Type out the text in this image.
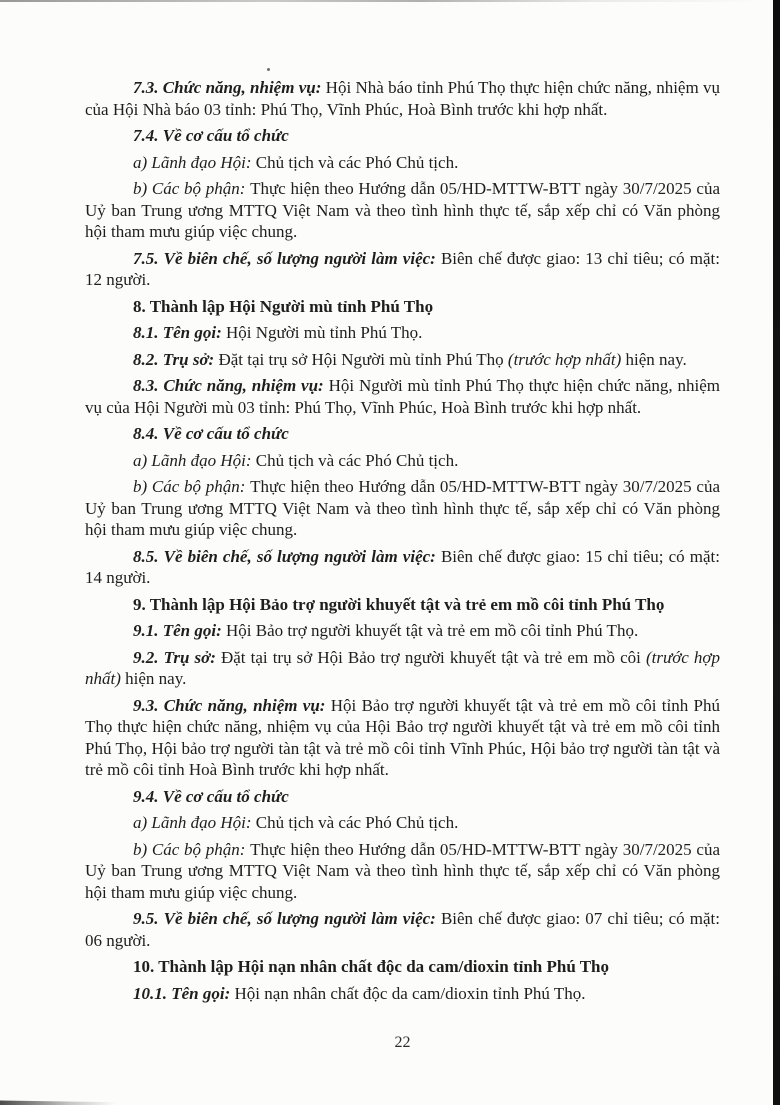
7.3. Chức năng, nhiệm vụ: Hội Nhà báo tỉnh Phú Thọ thực hiện chức năng, nhiệm vụ của Hội Nhà báo 03 tỉnh: Phú Thọ, Vĩnh Phúc, Hoà Bình trước khi hợp nhất.

7.4. Về cơ cấu tổ chức

a) Lãnh đạo Hội: Chủ tịch và các Phó Chủ tịch.

b) Các bộ phận: Thực hiện theo Hướng dẫn 05/HD-MTTW-BTT ngày 30/7/2025 của Uỷ ban Trung ương MTTQ Việt Nam và theo tình hình thực tế, sắp xếp chỉ có Văn phòng hội tham mưu giúp việc chung.

7.5. Về biên chế, số lượng người làm việc: Biên chế được giao: 13 chỉ tiêu; có mặt: 12 người.

8. Thành lập Hội Người mù tỉnh Phú Thọ

8.1. Tên gọi: Hội Người mù tỉnh Phú Thọ.

8.2. Trụ sở: Đặt tại trụ sở Hội Người mù tỉnh Phú Thọ (trước hợp nhất) hiện nay.

8.3. Chức năng, nhiệm vụ: Hội Người mù tỉnh Phú Thọ thực hiện chức năng, nhiệm vụ của Hội Người mù 03 tỉnh: Phú Thọ, Vĩnh Phúc, Hoà Bình trước khi hợp nhất.

8.4. Về cơ cấu tổ chức

a) Lãnh đạo Hội: Chủ tịch và các Phó Chủ tịch.

b) Các bộ phận: Thực hiện theo Hướng dẫn 05/HD-MTTW-BTT ngày 30/7/2025 của Uỷ ban Trung ương MTTQ Việt Nam và theo tình hình thực tế, sắp xếp chỉ có Văn phòng hội tham mưu giúp việc chung.

8.5. Về biên chế, số lượng người làm việc: Biên chế được giao: 15 chỉ tiêu; có mặt: 14 người.

9. Thành lập Hội Bảo trợ người khuyết tật và trẻ em mồ côi tỉnh Phú Thọ

9.1. Tên gọi: Hội Bảo trợ người khuyết tật và trẻ em mồ côi tỉnh Phú Thọ.

9.2. Trụ sở: Đặt tại trụ sở Hội Bảo trợ người khuyết tật và trẻ em mồ côi (trước hợp nhất) hiện nay.

9.3. Chức năng, nhiệm vụ: Hội Bảo trợ người khuyết tật và trẻ em mồ côi tỉnh Phú Thọ thực hiện chức năng, nhiệm vụ của Hội Bảo trợ người khuyết tật và trẻ em mồ côi tỉnh Phú Thọ, Hội bảo trợ người tàn tật và trẻ mồ côi tỉnh Vĩnh Phúc, Hội bảo trợ người tàn tật và trẻ mồ côi tỉnh Hoà Bình trước khi hợp nhất.

9.4. Về cơ cấu tổ chức

a) Lãnh đạo Hội: Chủ tịch và các Phó Chủ tịch.

b) Các bộ phận: Thực hiện theo Hướng dẫn 05/HD-MTTW-BTT ngày 30/7/2025 của Uỷ ban Trung ương MTTQ Việt Nam và theo tình hình thực tế, sắp xếp chỉ có Văn phòng hội tham mưu giúp việc chung.

9.5. Về biên chế, số lượng người làm việc: Biên chế được giao: 07 chỉ tiêu; có mặt: 06 người.

10. Thành lập Hội nạn nhân chất độc da cam/dioxin tỉnh Phú Thọ

10.1. Tên gọi: Hội nạn nhân chất độc da cam/dioxin tỉnh Phú Thọ.

22
